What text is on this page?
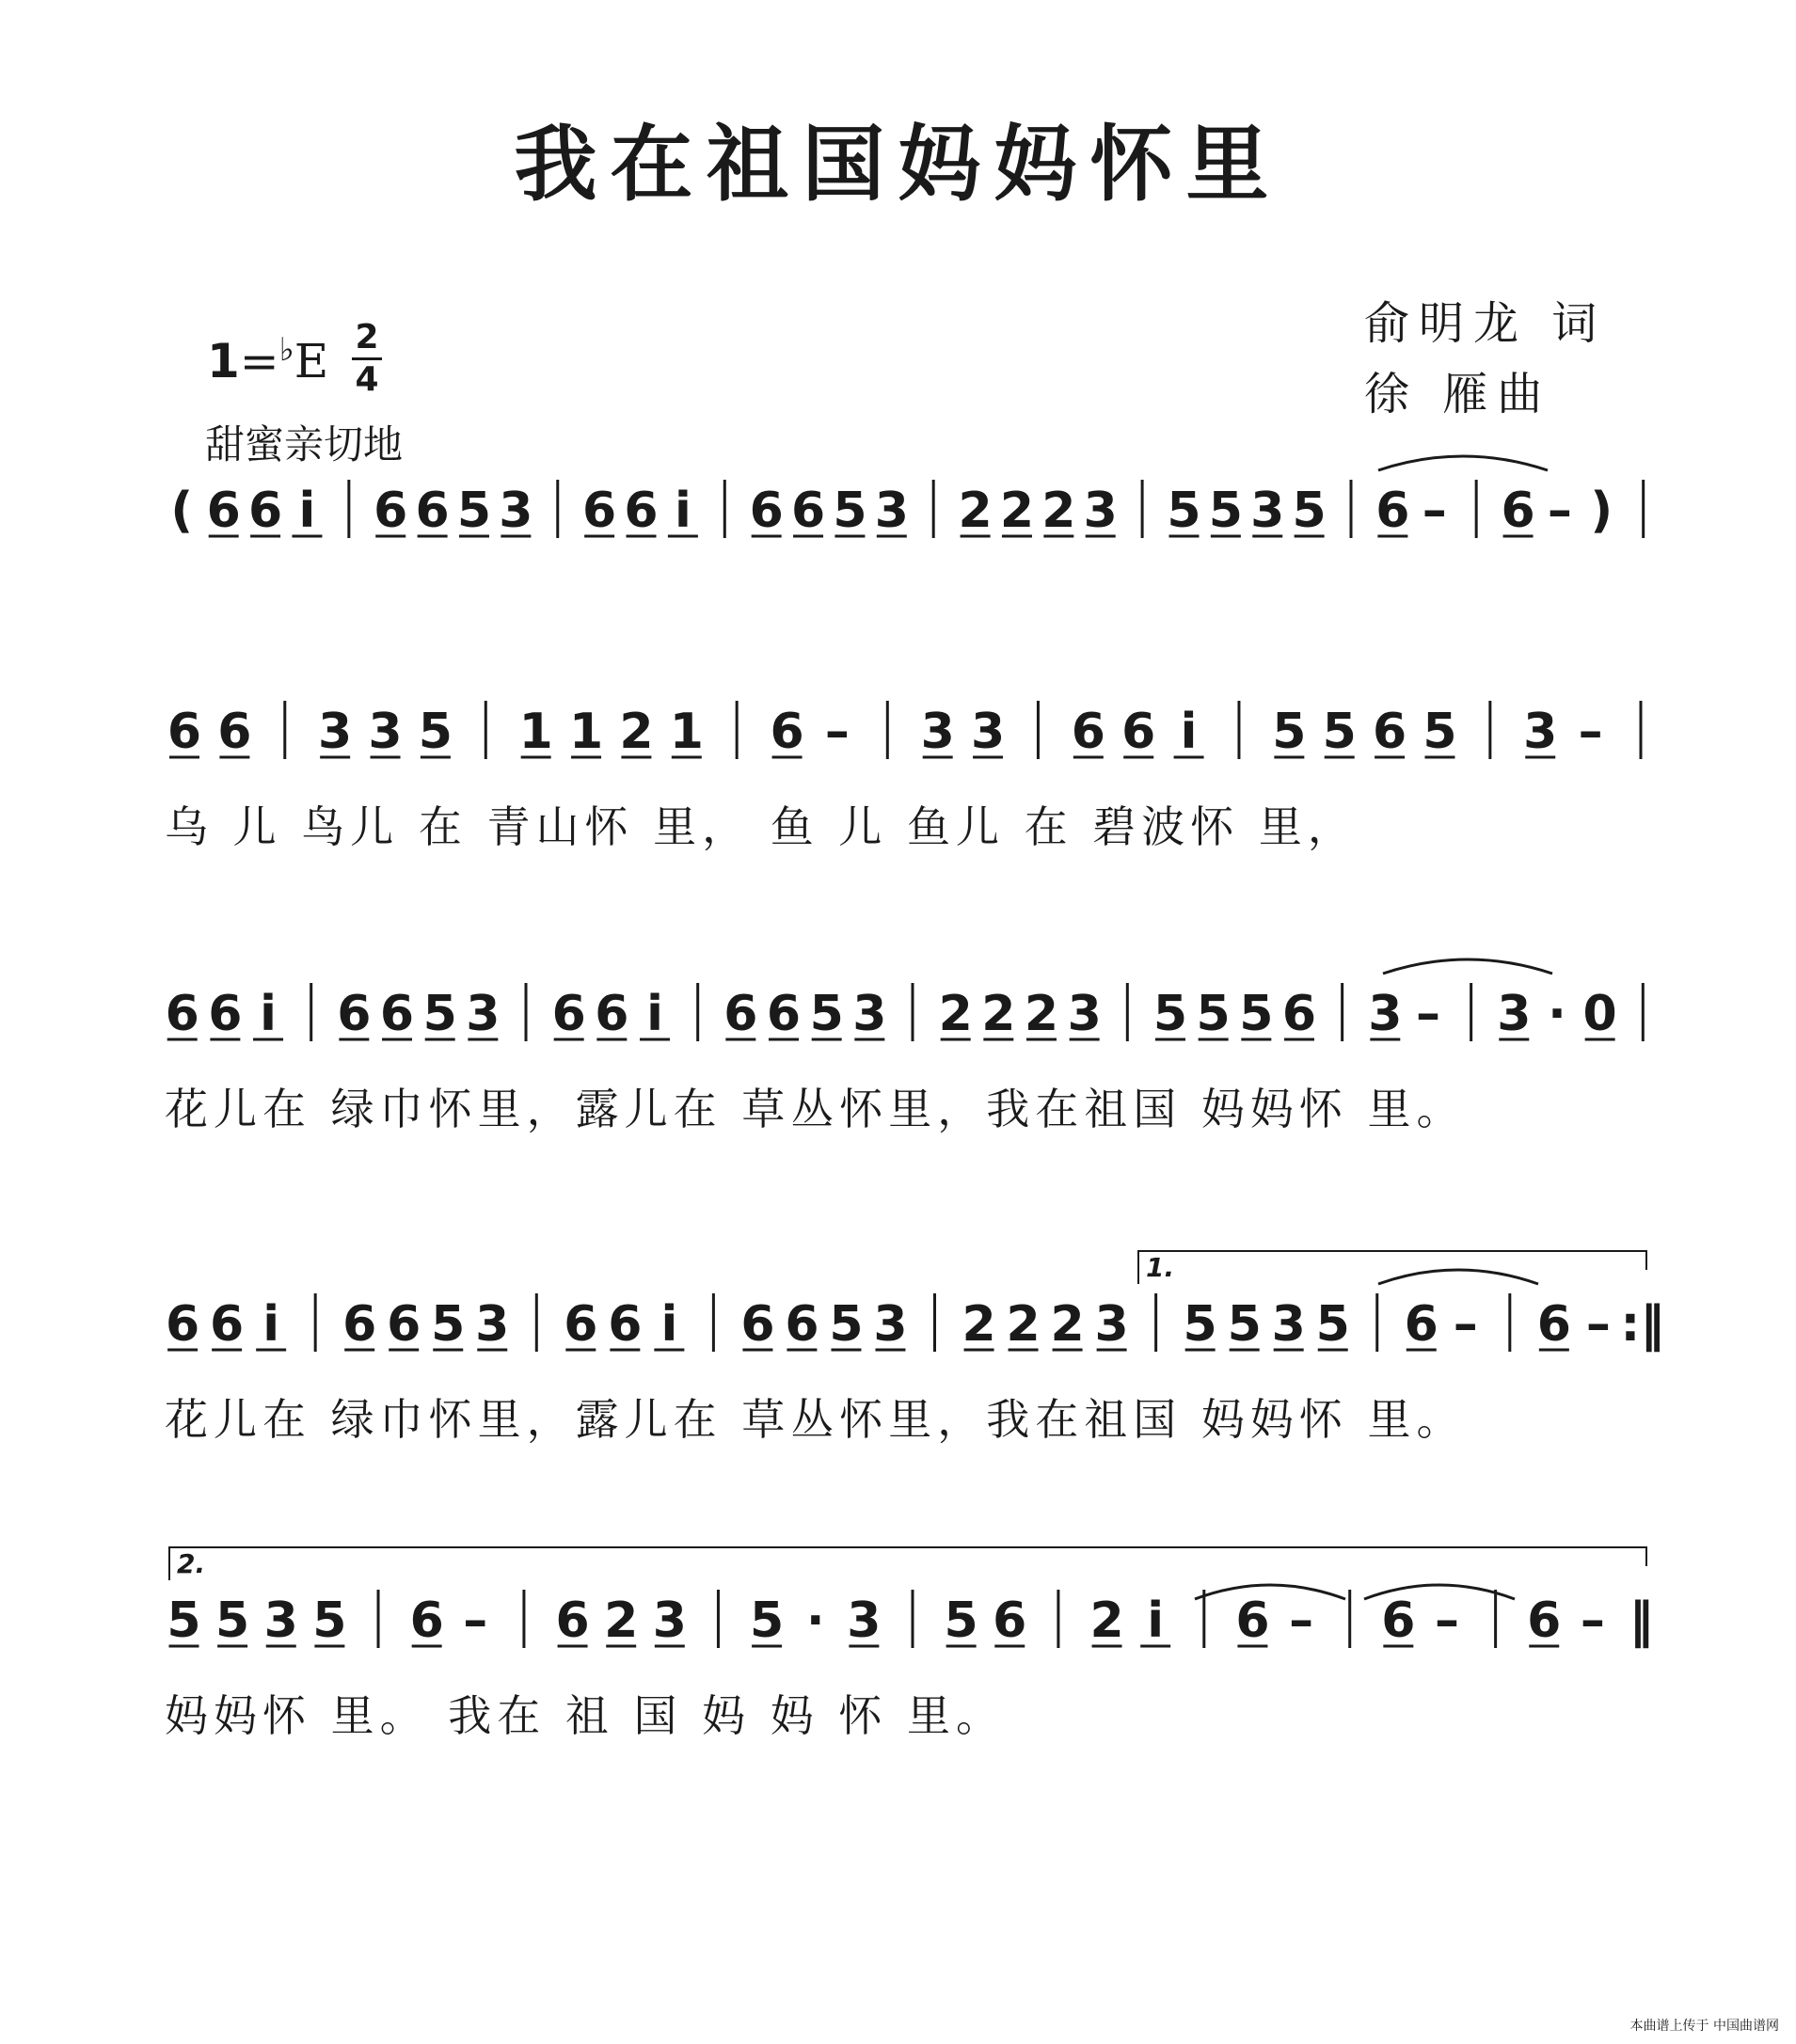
我在祖国妈妈怀里
俞明龙 词
徐 雁曲
1=♭E 2
4
甜蜜亲切地
( 6 6 i 6 6 5 3 6 6 i 6 6 5 3 2 2 2 3 5 5 3 5 6 – 6 – )
6 6 3 3 5 1 1 2 1 6 – 3 3 6 6 i 5 5 6 5 3 –
乌 儿 鸟儿 在 青山怀 里， 鱼 儿 鱼儿 在 碧波怀 里，
6 6 i 6 6 5 3 6 6 i 6 6 5 3 2 2 2 3 5 5 5 6 3 – 3 · 0
花儿在 绿巾怀里，露儿在 草丛怀里，我在祖国 妈妈怀 里。
6 6 i 6 6 5 3 6 6 i 6 6 5 3 2 2 2 3 5 5 3 5 6 – 6 – :‖
1.
花儿在 绿巾怀里，露儿在 草丛怀里，我在祖国 妈妈怀 里。
5 5 3 5 6 – 6 2 3 5 · 3 5 6 2 i 6 – 6 – 6 – ‖
2.
妈妈怀 里。 我在 祖 国 妈 妈 怀 里。
本曲谱上传于 中国曲谱网
